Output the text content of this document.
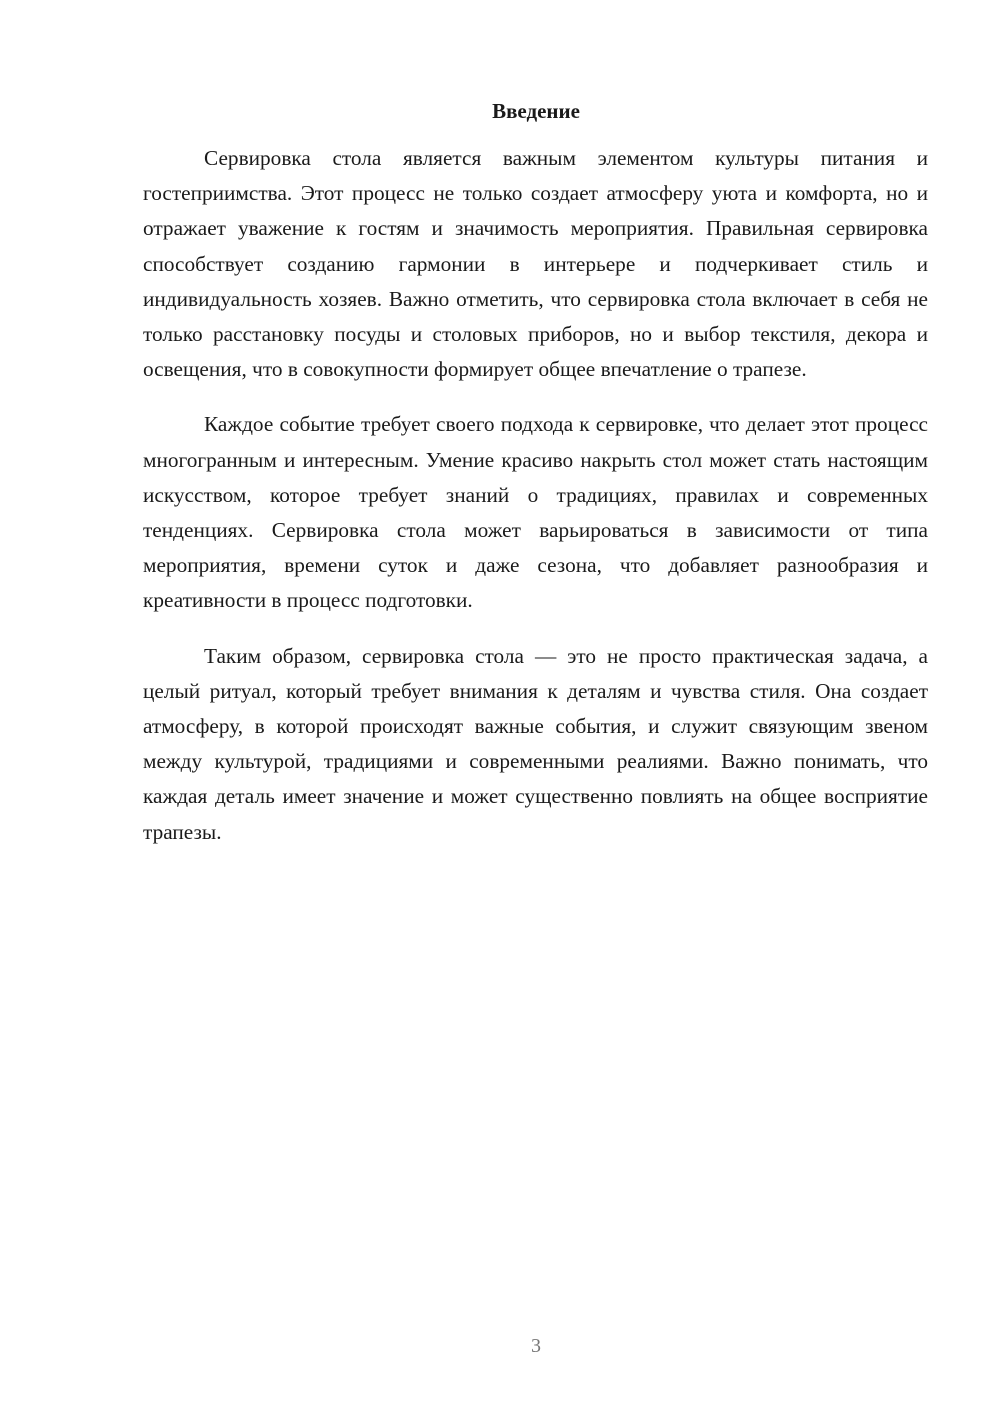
Введение

Сервировка стола является важным элементом культуры питания и гостеприимства. Этот процесс не только создает атмосферу уюта и комфорта, но и отражает уважение к гостям и значимость мероприятия. Правильная сервировка способствует созданию гармонии в интерьере и подчеркивает стиль и индивидуальность хозяев. Важно отметить, что сервировка стола включает в себя не только расстановку посуды и столовых приборов, но и выбор текстиля, декора и освещения, что в совокупности формирует общее впечатление о трапезе.

Каждое событие требует своего подхода к сервировке, что делает этот процесс многогранным и интересным. Умение красиво накрыть стол может стать настоящим искусством, которое требует знаний о традициях, правилах и современных тенденциях. Сервировка стола может варьироваться в зависимости от типа мероприятия, времени суток и даже сезона, что добавляет разнообразия и креативности в процесс подготовки.

Таким образом, сервировка стола — это не просто практическая задача, а целый ритуал, который требует внимания к деталям и чувства стиля. Она создает атмосферу, в которой происходят важные события, и служит связующим звеном между культурой, традициями и современными реалиями. Важно понимать, что каждая деталь имеет значение и может существенно повлиять на общее восприятие трапезы.

3
